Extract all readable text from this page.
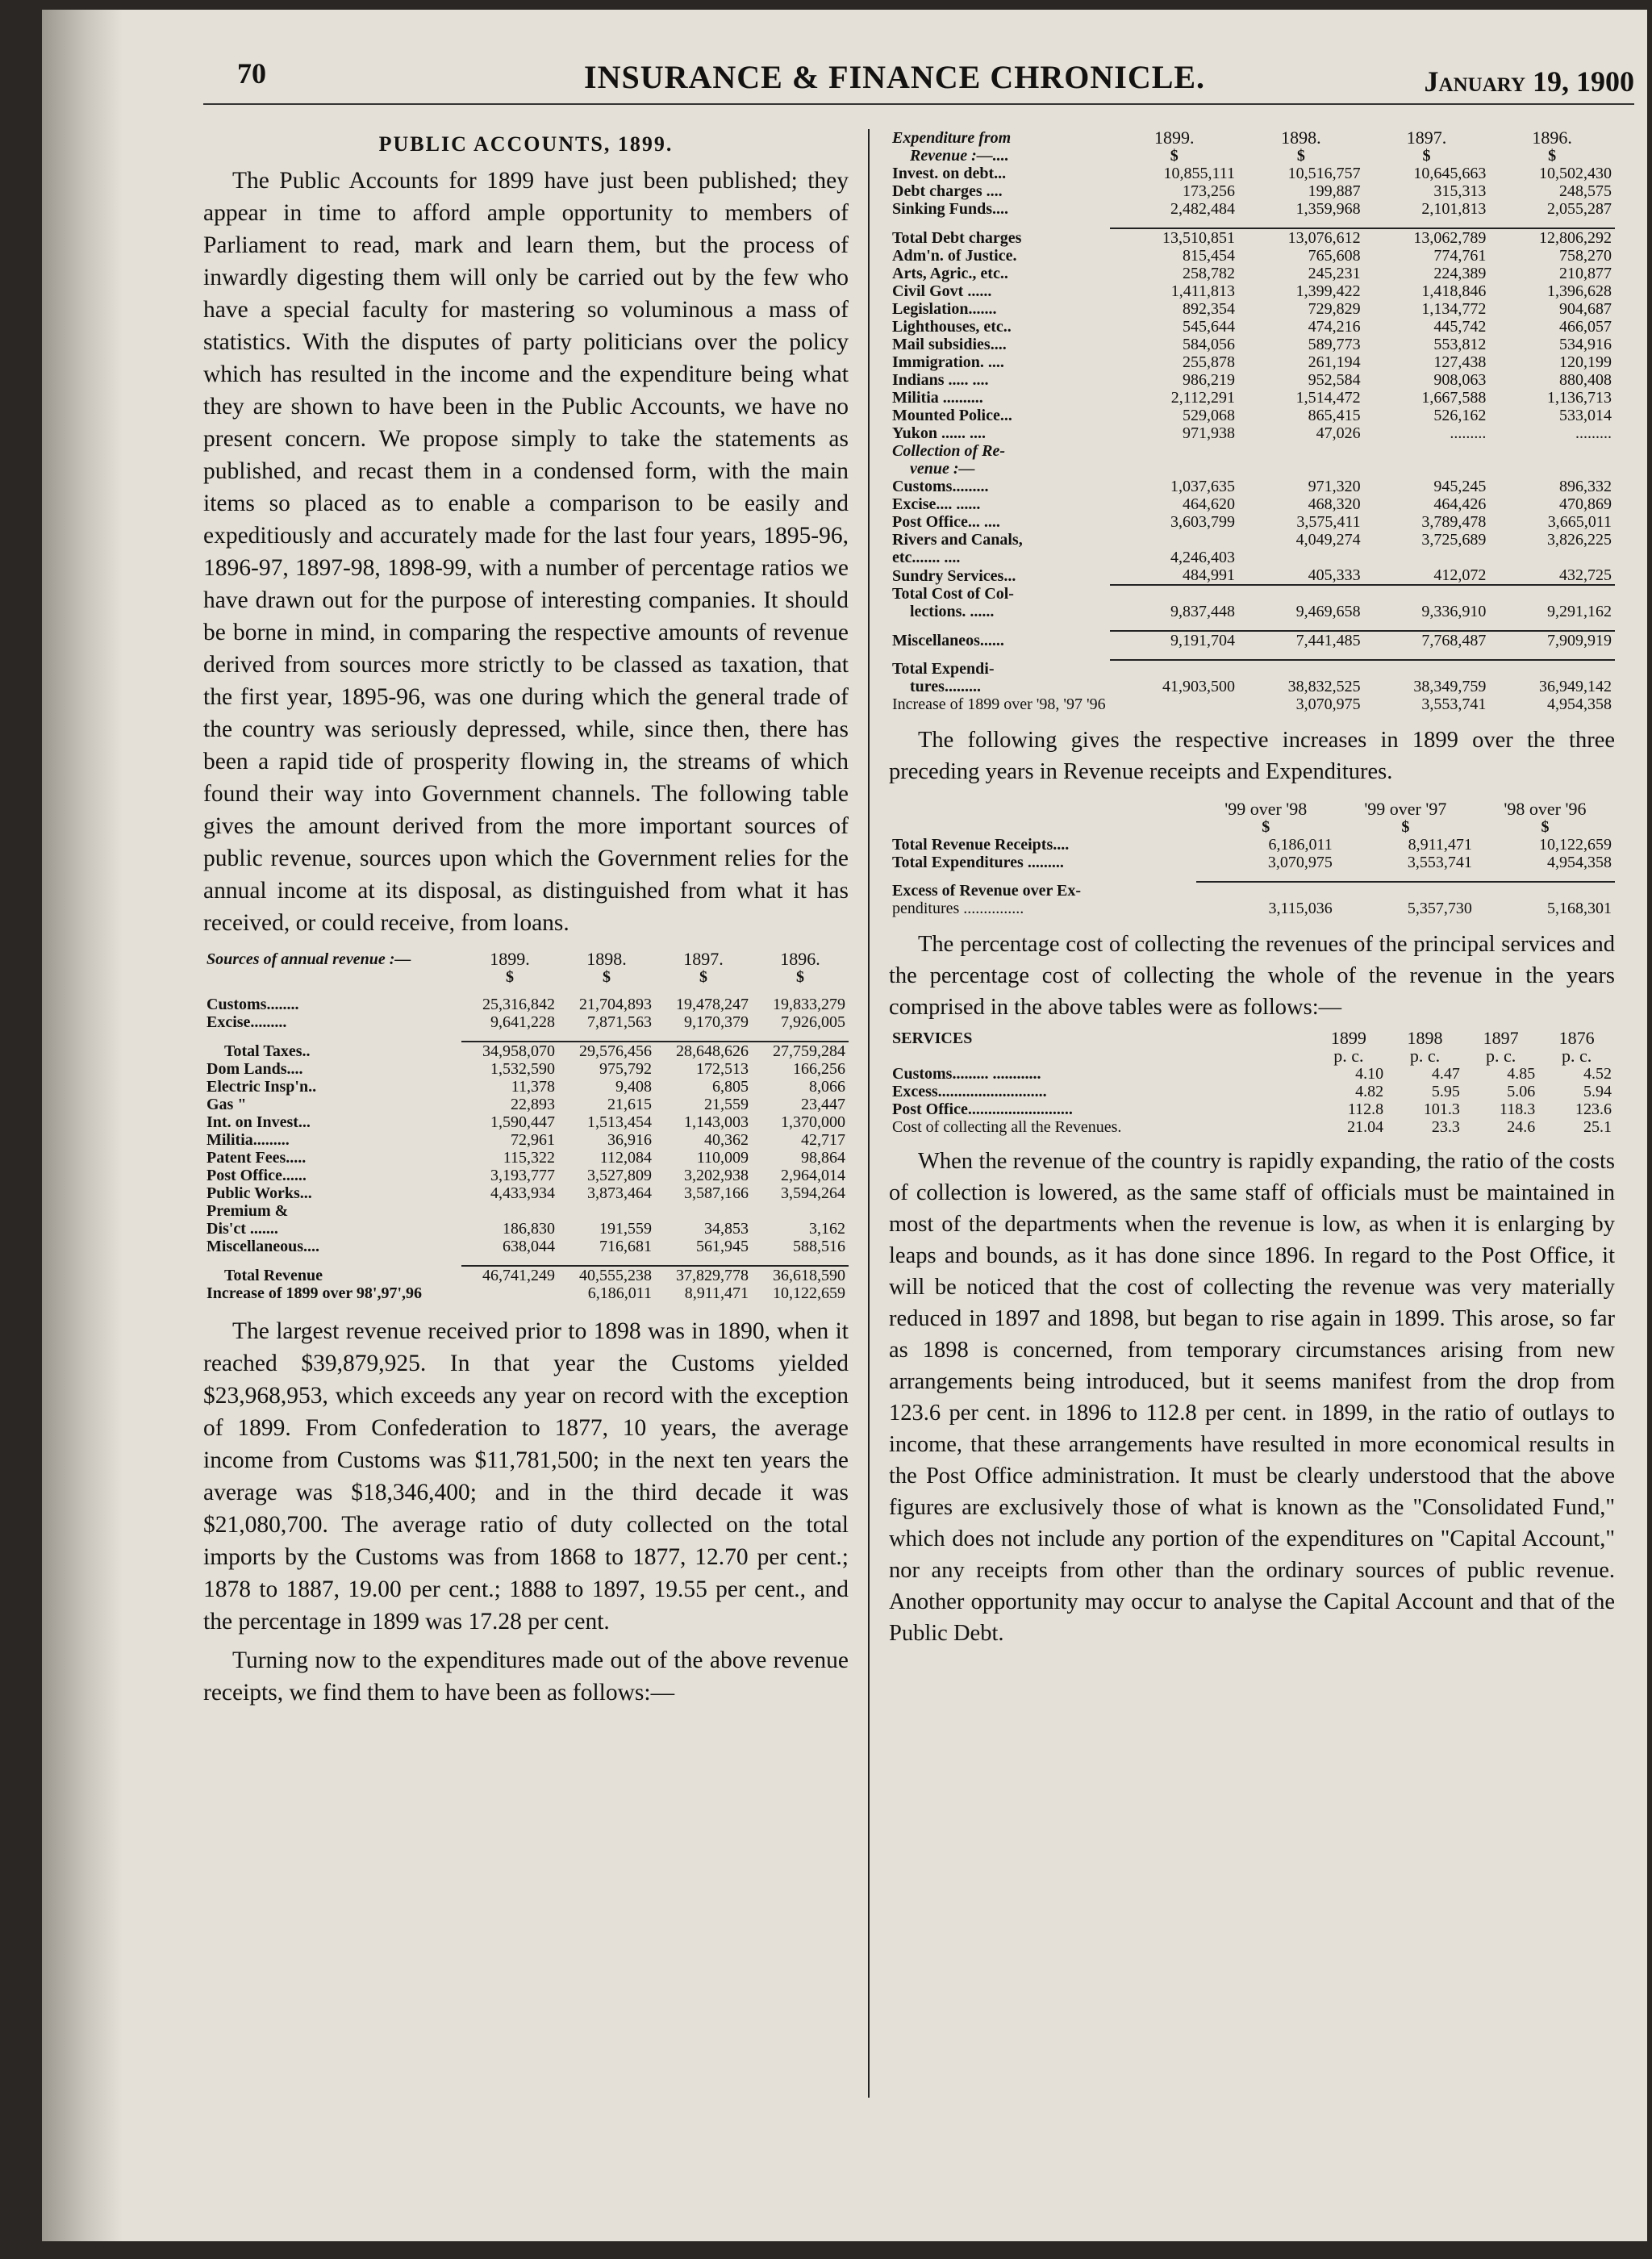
70	INSURANCE & FINANCE CHRONICLE.	January 19, 1900
PUBLIC ACCOUNTS, 1899.

The Public Accounts for 1899 have just been published; they appear in time to afford ample opportunity to members of Parliament to read, mark and learn them, but the process of inwardly digesting them will only be carried out by the few who have a special faculty for mastering so voluminous a mass of statistics. With the disputes of party politicians over the policy which has resulted in the income and the expenditure being what they are shown to have been in the Public Accounts, we have no present concern. We propose simply to take the statements as published, and recast them in a condensed form, with the main items so placed as to enable a comparison to be easily and expeditiously and accurately made for the last four years, 1895-96, 1896-97, 1897-98, 1898-99, with a number of percentage ratios we have drawn out for the purpose of interesting companies. It should be borne in mind, in comparing the respective amounts of revenue derived from sources more strictly to be classed as taxation, that the first year, 1895-96, was one during which the general trade of the country was seriously depressed, while, since then, there has been a rapid tide of prosperity flowing in, the streams of which found their way into Government channels. The following table gives the amount derived from the more important sources of public revenue, sources upon which the Government relies for the annual income at its disposal, as distinguished from what it has received, or could receive, from loans.

Sources of annual revenue :—	1899.	1898.	1897.	1896.
	$	$	$	$

Customs........	25,316,842	21,704,893	19,478,247	19,833,279
Excise.........	9,641,228	7,871,563	9,170,379	7,926,005

Total Taxes..	34,958,070	29,576,456	28,648,626	27,759,284
Dom Lands....	1,532,590	975,792	172,513	166,256
Electric Insp'n..	11,378	9,408	6,805	8,066
Gas "	22,893	21,615	21,559	23,447
Int. on Invest...	1,590,447	1,513,454	1,143,003	1,370,000
Militia.........	72,961	36,916	40,362	42,717
Patent Fees.....	115,322	112,084	110,009	98,864
Post Office......	3,193,777	3,527,809	3,202,938	2,964,014
Public Works...	4,433,934	3,873,464	3,587,166	3,594,264
Premium &				
Dis'ct .......	186,830	191,559	34,853	3,162
Miscellaneous....	638,044	716,681	561,945	588,516

Total Revenue	46,741,249	40,555,238	37,829,778	36,618,590
Increase of 1899 over 98',97',96		6,186,011	8,911,471	10,122,659

The largest revenue received prior to 1898 was in 1890, when it reached $39,879,925. In that year the Customs yielded $23,968,953, which exceeds any year on record with the exception of 1899. From Confederation to 1877, 10 years, the average income from Customs was $11,781,500; in the next ten years the average was $18,346,400; and in the third decade it was $21,080,700. The average ratio of duty collected on the total imports by the Customs was from 1868 to 1877, 12.70 per cent.; 1878 to 1887, 19.00 per cent.; 1888 to 1897, 19.55 per cent., and the percentage in 1899 was 17.28 per cent.

Turning now to the expenditures made out of the above revenue receipts, we find them to have been as follows:—

Expenditure from	1899.	1898.	1897.	1896.
Revenue :—....	$	$	$	$
Invest. on debt...	10,855,111	10,516,757	10,645,663	10,502,430
Debt charges ....	173,256	199,887	315,313	248,575
Sinking Funds....	2,482,484	1,359,968	2,101,813	2,055,287

Total Debt charges	13,510,851	13,076,612	13,062,789	12,806,292
Adm'n. of Justice.	815,454	765,608	774,761	758,270
Arts, Agric., etc..	258,782	245,231	224,389	210,877
Civil Govt ......	1,411,813	1,399,422	1,418,846	1,396,628
Legislation.......	892,354	729,829	1,134,772	904,687
Lighthouses, etc..	545,644	474,216	445,742	466,057
Mail subsidies....	584,056	589,773	553,812	534,916
Immigration. ....	255,878	261,194	127,438	120,199
Indians ..... ....	986,219	952,584	908,063	880,408
Militia ..........	2,112,291	1,514,472	1,667,588	1,136,713
Mounted Police...	529,068	865,415	526,162	533,014
Yukon ...... ....	971,938	47,026	.........	.........
Collection of Re-				
venue :—				
Customs.........	1,037,635	971,320	945,245	896,332
Excise.... ......	464,620	468,320	464,426	470,869
Post Office... ....	3,603,799	3,575,411	3,789,478	3,665,011
Rivers and Canals,		4,049,274	3,725,689	3,826,225
etc....... ....	4,246,403			
Sundry Services...	484,991	405,333	412,072	432,725
Total Cost of Col-				
lections. ......	9,837,448	9,469,658	9,336,910	9,291,162

Miscellaneos......	9,191,704	7,441,485	7,768,487	7,909,919

Total Expendi-				
tures.........	41,903,500	38,832,525	38,349,759	36,949,142
Increase of 1899 over '98, '97 '96		3,070,975	3,553,741	4,954,358

The following gives the respective increases in 1899 over the three preceding years in Revenue receipts and Expenditures.

	'99 over '98	'99 over '97	'98 over '96
	$	$	$
Total Revenue Receipts....	6,186,011	8,911,471	10,122,659
Total Expenditures .........	3,070,975	3,553,741	4,954,358

Excess of Revenue over Ex-			
penditures ...............	3,115,036	5,357,730	5,168,301

The percentage cost of collecting the revenues of the principal services and the percentage cost of collecting the whole of the revenue in the years comprised in the above tables were as follows:—

SERVICES	1899	1898	1897	1876
	p. c.	p. c.	p. c.	p. c.
Customs......... ............	4.10	4.47	4.85	4.52
Excess...........................	4.82	5.95	5.06	5.94
Post Office..........................	112.8	101.3	118.3	123.6
Cost of collecting all the Revenues.	21.04	23.3	24.6	25.1

When the revenue of the country is rapidly expanding, the ratio of the costs of collection is lowered, as the same staff of officials must be maintained in most of the departments when the revenue is low, as when it is enlarging by leaps and bounds, as it has done since 1896. In regard to the Post Office, it will be noticed that the cost of collecting the revenue was very materially reduced in 1897 and 1898, but began to rise again in 1899. This arose, so far as 1898 is concerned, from temporary circumstances arising from new arrangements being introduced, but it seems manifest from the drop from 123.6 per cent. in 1896 to 112.8 per cent. in 1899, in the ratio of outlays to income, that these arrangements have resulted in more economical results in the Post Office administration. It must be clearly understood that the above figures are exclusively those of what is known as the "Consolidated Fund," which does not include any portion of the expenditures on "Capital Account," nor any receipts from other than the ordinary sources of public revenue. Another opportunity may occur to analyse the Capital Account and that of the Public Debt.
